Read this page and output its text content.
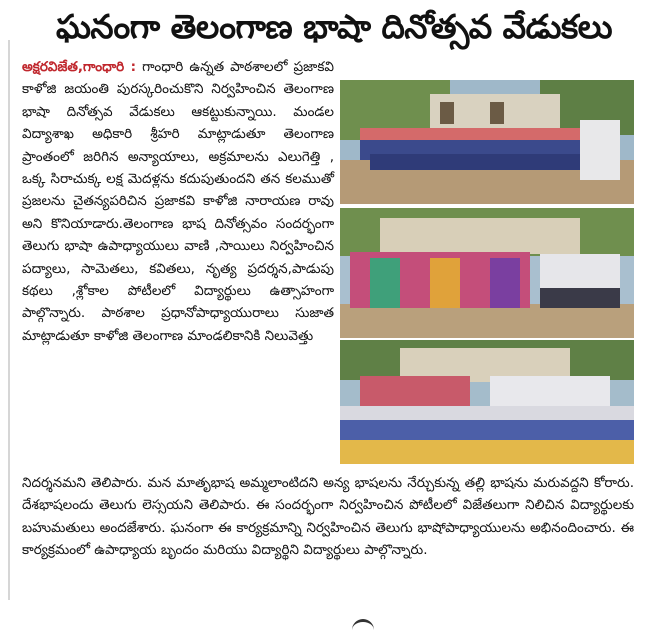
ఘనంగా తెలంగాణ భాషా దినోత్సవ వేడుకలు
అక్షరవిజేత,గాంధారి : గాంధారి ఉన్నత పాఠశాలలో ప్రజాకవి కాళోజి జయంతి పురస్కరించుకొని నిర్వహించిన తెలంగాణ భాషా దినోత్సవ వేడుకలు ఆకట్టుకున్నాయి. మండల విద్యాశాఖ అధికారి శ్రీహరి మాట్లాడుతూ తెలంగాణ ప్రాంతంలో జరిగిన అన్యాయాలు, అక్రమాలను ఎలుగెత్తి , ఒక్క సిరాచుక్క లక్ష మెదళ్లను కదుపుతుందని తన కలముతో ప్రజలను చైతన్యపరిచిన ప్రజాకవి కాళోజి నారాయణ రావు అని కొనియాడారు.తెలంగాణ భాష దినోత్సవం సందర్భంగా తెలుగు భాషా ఉపాధ్యాయులు వాణి ,సాయిలు నిర్వహించిన పద్యాలు, సామెతలు, కవితలు, నృత్య ప్రదర్శన,పాడుపు కథలు ,శ్లోకాల పోటీలలో విద్యార్థులు ఉత్సాహంగా పాల్గొన్నారు. పాఠశాల ప్రధానోపాధ్యాయురాలు సుజాత మాట్లాడుతూ కాళోజి తెలంగాణ మాండలికానికి నిలువెత్తు
నిదర్శనమని తెలిపారు. మన మాతృభాష అమ్మలాంటిదని అన్య భాషలను నేర్చుకున్న తల్లి భాషను మరువద్దని కోరారు. దేశభాషలందు తెలుగు లెస్సయని తెలిపారు. ఈ సందర్భంగా నిర్వహించిన పోటీలలో విజేతలుగా నిలిచిన విద్యార్థులకు బహుమతులు అందజేశారు. ఘనంగా ఈ కార్యక్రమాన్ని నిర్వహించిన తెలుగు భాషోపాధ్యాయులను అభినందించారు. ఈ కార్యక్రమంలో ఉపాధ్యాయ బృందం మరియు విద్యార్థిని విద్యార్థులు పాల్గొన్నారు.
